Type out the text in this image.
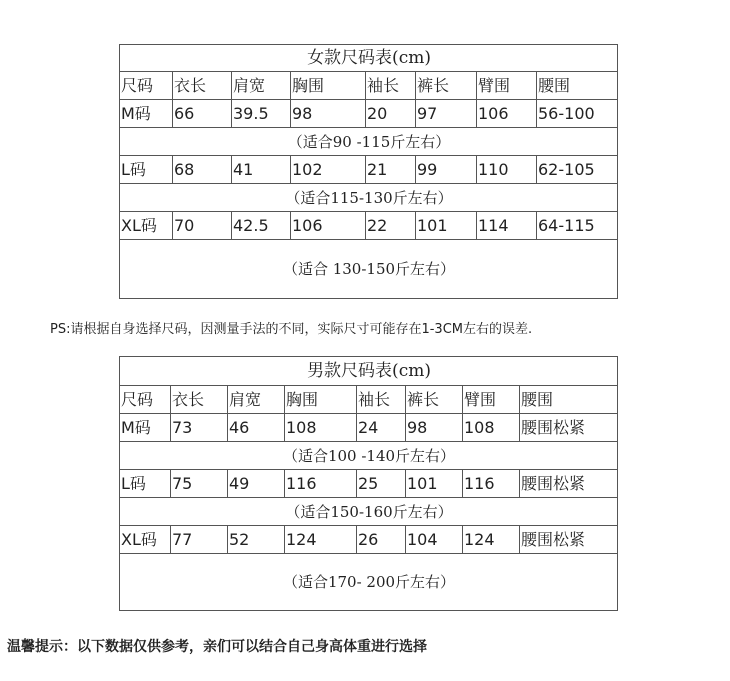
女款尺码表(cm)							
尺码	衣长	肩宽	胸围	袖长	裤长	臂围	腰围
M码	66	39.5	98	20	97	106	56-100
（适合90 -115斤左右）							
L码	68	41	102	21	99	110	62-105
（适合115-130斤左右）							
XL码	70	42.5	106	22	101	114	64-115
（适合 130-150斤左右）							
PS:请根据自身选择尺码，因测量手法的不同，实际尺寸可能存在1-3CM左右的误差.
男款尺码表(cm)							
尺码	衣长	肩宽	胸围	袖长	裤长	臂围	腰围
M码	73	46	108	24	98	108	腰围松紧
（适合100 -140斤左右）							
L码	75	49	116	25	101	116	腰围松紧
（适合150-160斤左右）							
XL码	77	52	124	26	104	124	腰围松紧
（适合170- 200斤左右）							
温馨提示：以下数据仅供参考，亲们可以结合自己身高体重进行选择
